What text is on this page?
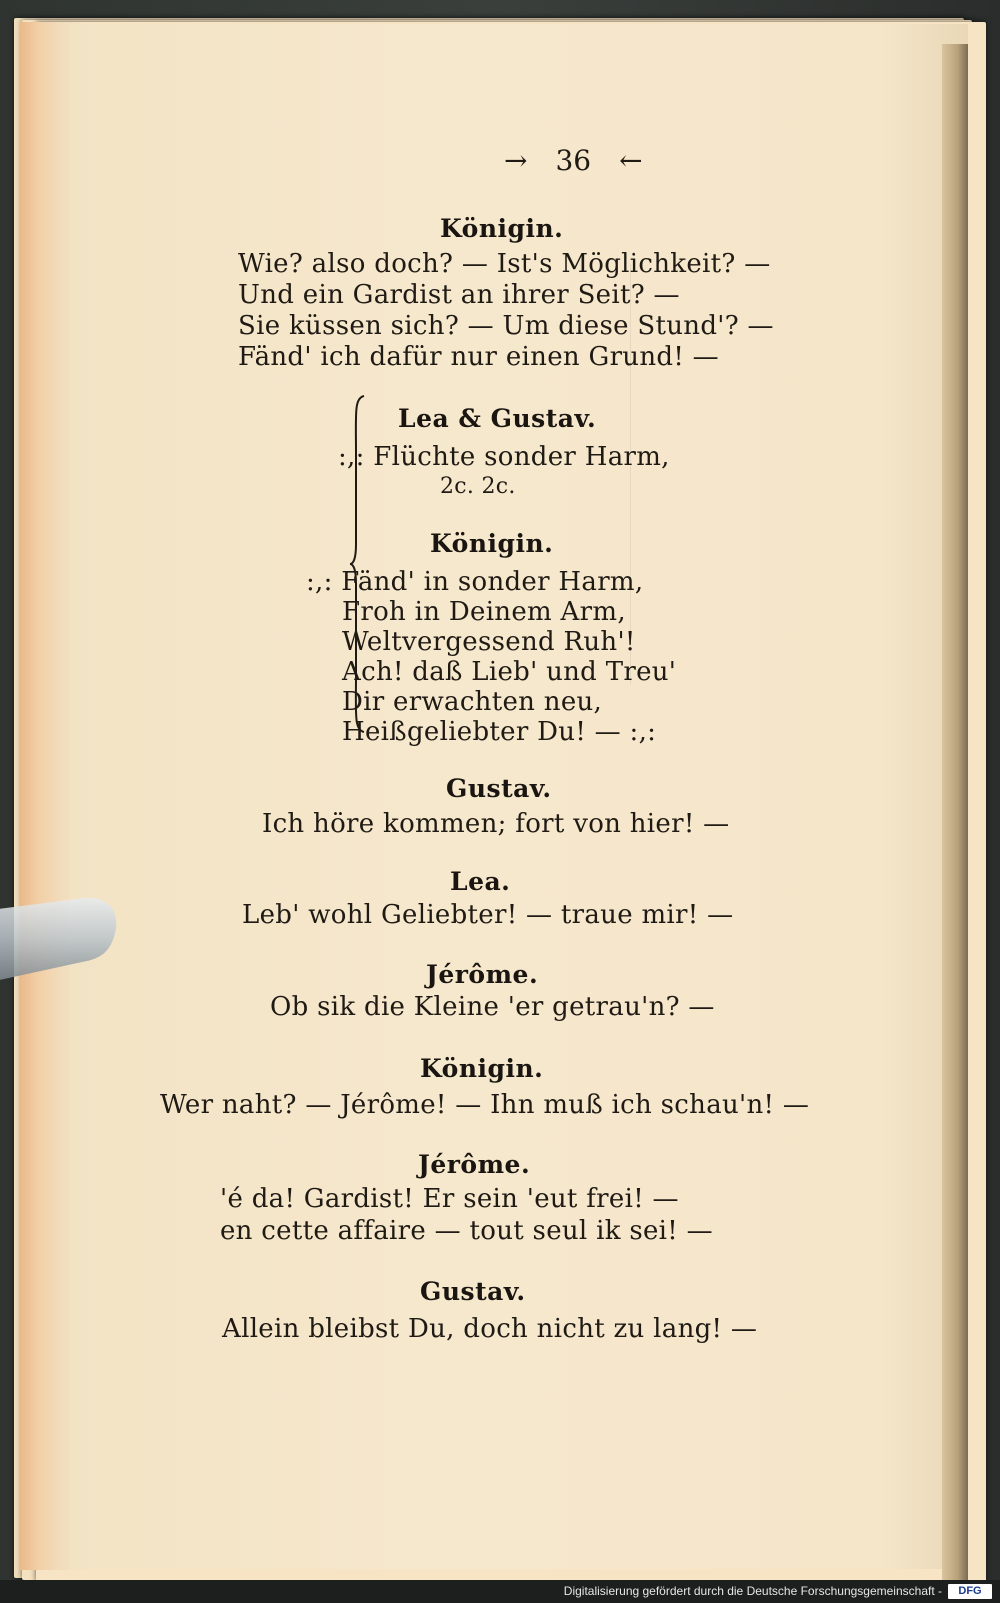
→ 36 ←
Königin.
Wie? also doch? — Ist's Möglichkeit? —
Und ein Gardist an ihrer Seit? —
Sie küssen sich? — Um diese Stund'? —
Fänd' ich dafür nur einen Grund! —
Lea & Gustav.
:,: Flüchte sonder Harm,
2c. 2c.
Königin.
:,: Fänd' in sonder Harm,
Froh in Deinem Arm,
Weltvergessend Ruh'!
Ach! daß Lieb' und Treu'
Dir erwachten neu,
Heißgeliebter Du! — :,:
Gustav.
Ich höre kommen; fort von hier! —
Lea.
Leb' wohl Geliebter! — traue mir! —
Jérôme.
Ob sik die Kleine 'er getrau'n? —
Königin.
Wer naht? — Jérôme! — Ihn muß ich schau'n! —
Jérôme.
'é da! Gardist! Er sein 'eut frei! —
en cette affaire — tout seul ik sei! —
Gustav.
Allein bleibst Du, doch nicht zu lang! —
Digitalisierung gefördert durch die Deutsche Forschungsgemeinschaft -	DFG
